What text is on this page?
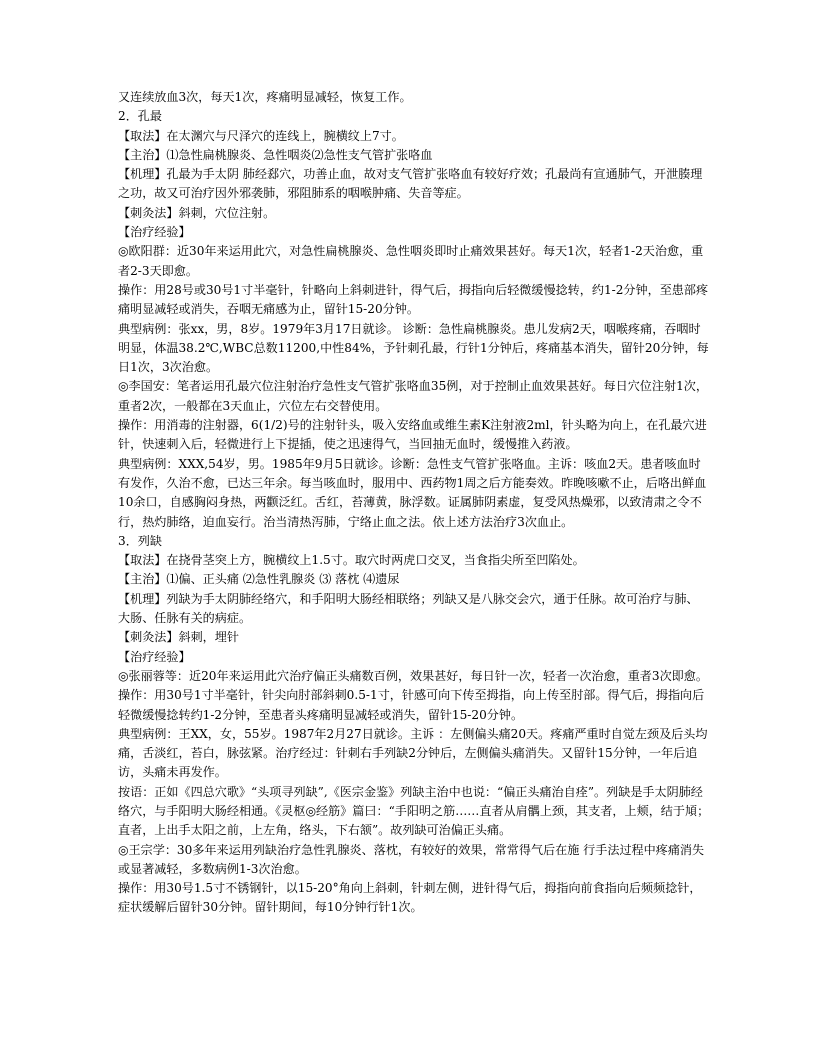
又连续放血3次，每天1次，疼痛明显减轻，恢复工作。

2．孔最

【取法】在太渊穴与尺泽穴的连线上，腕横纹上7寸。

【主治】⑴急性扁桃腺炎、急性咽炎⑵急性支气管扩张咯血

【机理】孔最为手太阴 肺经郄穴，功善止血，故对支气管扩张咯血有较好疗效；孔最尚有宣通肺气，开泄腠理之功，故又可治疗因外邪袭肺，邪阻肺系的咽喉肿痛、失音等症。

【刺灸法】斜刺，穴位注射。

【治疗经验】

◎欧阳群：近30年来运用此穴，对急性扁桃腺炎、急性咽炎即时止痛效果甚好。每天1次，轻者1-2天治愈，重者2-3天即愈。

操作：用28号或30号1寸半毫针，针略向上斜刺进针，得气后，拇指向后轻微缓慢捻转，约1-2分钟，至患部疼痛明显减轻或消失，吞咽无痛感为止，留针15-20分钟。

典型病例：张xx，男，8岁。1979年3月17日就诊。 诊断：急性扁桃腺炎。患儿发病2天，咽喉疼痛，吞咽时明显，体温38.2℃,WBC总数11200,中性84%，予针刺孔最，行针1分钟后，疼痛基本消失，留针20分钟，每日1次，3次治愈。

◎李国安：笔者运用孔最穴位注射治疗急性支气管扩张咯血35例，对于控制止血效果甚好。每日穴位注射1次，重者2次，一般都在3天血止，穴位左右交替使用。

操作：用消毒的注射器，6(1/2)号的注射针头，吸入安络血或维生素K注射液2ml，针头略为向上，在孔最穴进针，快速刺入后，轻微进行上下提插，使之迅速得气，当回抽无血时，缓慢推入药液。

典型病例：XXX,54岁，男。1985年9月5日就诊。诊断：急性支气管扩张咯血。主诉：咳血2天。患者咳血时有发作，久治不愈，已达三年余。每当咳血时，服用中、西药物1周之后方能奏效。昨晚咳嗽不止，后咯出鲜血10余口，自感胸闷身热，两颧泛红。舌红，苔薄黄，脉浮数。证属肺阴素虚，复受风热燥邪，以致清肃之令不行，热灼肺络，迫血妄行。治当清热泻肺，宁络止血之法。依上述方法治疗3次血止。

3．列缺

【取法】在挠骨茎突上方，腕横纹上1.5寸。取穴时两虎口交叉，当食指尖所至凹陷处。

【主治】⑴偏、正头痛 ⑵急性乳腺炎 ⑶ 落枕 ⑷遗尿

【机理】列缺为手太阴肺经络穴，和手阳明大肠经相联络；列缺又是八脉交会穴，通于任脉。故可治疗与肺、大肠、任脉有关的病症。

【刺灸法】斜刺，埋针

【治疗经验】

◎张丽蓉等：近20年来运用此穴治疗偏正头痛数百例，效果甚好，每日针一次，轻者一次治愈，重者3次即愈。

操作：用30号1寸半毫针，针尖向肘部斜刺0.5-1寸，针感可向下传至拇指，向上传至肘部。得气后，拇指向后轻微缓慢捻转约1-2分钟，至患者头疼痛明显减轻或消失，留针15-20分钟。

典型病例：王XX，女，55岁。1987年2月27日就诊。主诉 ：左侧偏头痛20天。疼痛严重时自觉左颈及后头均痛，舌淡红，苔白，脉弦紧。治疗经过：针刺右手列缺2分钟后，左侧偏头痛消失。又留针15分钟，一年后追访，头痛未再发作。

按语：正如《四总穴歌》“头项寻列缺”,《医宗金鉴》列缺主治中也说：“偏正头痛治自痊”。列缺是手太阴肺经络穴，与手阳明大肠经相通。《灵枢◎经筋》篇曰：“手阳明之筋……直者从肩髃上颈，其支者，上颊，结于頄；直者，上出手太阳之前，上左角，络头，下右颔”。故列缺可治偏正头痛。

◎王宗学：30多年来运用列缺治疗急性乳腺炎、落枕，有较好的效果，常常得气后在施 行手法过程中疼痛消失或显著减轻，多数病例1-3次治愈。

操作：用30号1.5寸不锈钢针，以15-20°角向上斜刺，针刺左侧，进针得气后，拇指向前食指向后频频捻针，症状缓解后留针30分钟。留针期间，每10分钟行针1次。
